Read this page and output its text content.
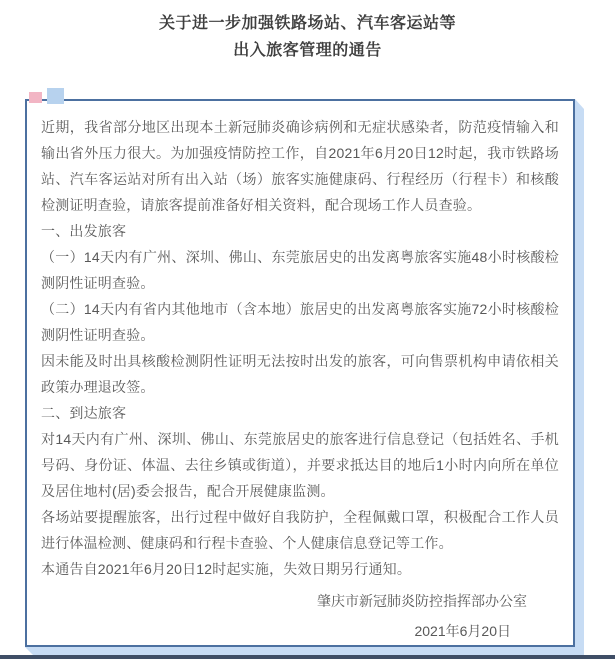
关于进一步加强铁路场站、汽车客运站等
出入旅客管理的通告

近期，我省部分地区出现本土新冠肺炎确诊病例和无症状感染者，防范疫情输入和输出省外压力很大。为加强疫情防控工作，自2021年6月20日12时起，我市铁路场站、汽车客运站对所有出入站（场）旅客实施健康码、行程经历（行程卡）和核酸检测证明查验，请旅客提前准备好相关资料，配合现场工作人员查验。

一、出发旅客

（一）14天内有广州、深圳、佛山、东莞旅居史的出发离粤旅客实施48小时核酸检测阴性证明查验。

（二）14天内有省内其他地市（含本地）旅居史的出发离粤旅客实施72小时核酸检测阴性证明查验。

因未能及时出具核酸检测阴性证明无法按时出发的旅客，可向售票机构申请依相关政策办理退改签。

二、到达旅客

对14天内有广州、深圳、佛山、东莞旅居史的旅客进行信息登记（包括姓名、手机号码、身份证、体温、去往乡镇或街道），并要求抵达目的地后1小时内向所在单位及居住地村(居)委会报告，配合开展健康监测。

各场站要提醒旅客，出行过程中做好自我防护，全程佩戴口罩，积极配合工作人员进行体温检测、健康码和行程卡查验、个人健康信息登记等工作。

本通告自2021年6月20日12时起实施，失效日期另行通知。

肇庆市新冠肺炎防控指挥部办公室
2021年6月20日
